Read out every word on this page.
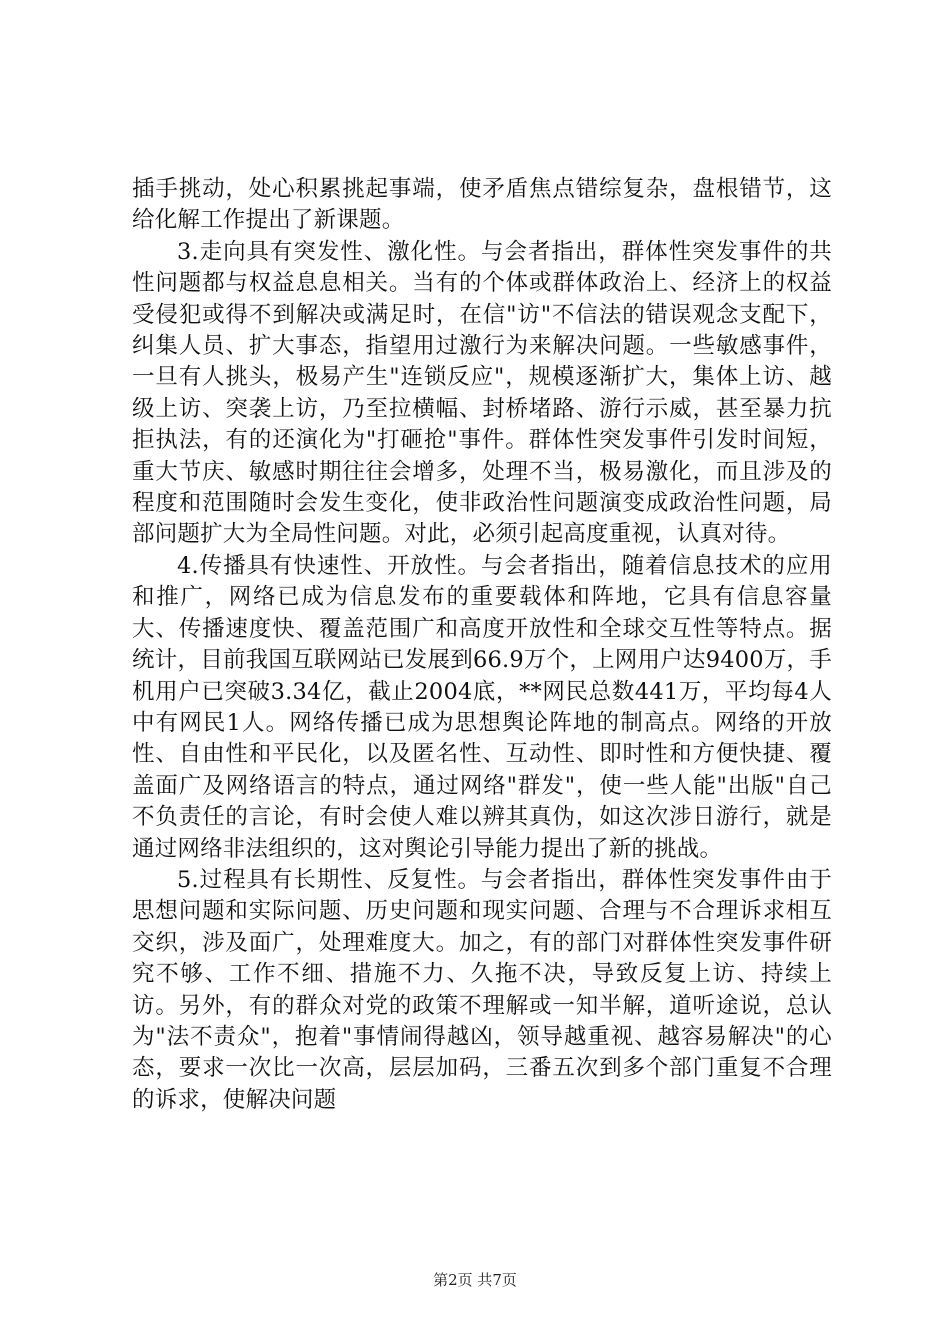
插手挑动，处心积累挑起事端，使矛盾焦点错综复杂，盘根错节，这给化解工作提出了新课题。

3.走向具有突发性、激化性。与会者指出，群体性突发事件的共性问题都与权益息息相关。当有的个体或群体政治上、经济上的权益受侵犯或得不到解决或满足时，在信"访"不信法的错误观念支配下，纠集人员、扩大事态，指望用过激行为来解决问题。一些敏感事件，一旦有人挑头，极易产生"连锁反应"，规模逐渐扩大，集体上访、越级上访、突袭上访，乃至拉横幅、封桥堵路、游行示威，甚至暴力抗拒执法，有的还演化为"打砸抢"事件。群体性突发事件引发时间短，重大节庆、敏感时期往往会增多，处理不当，极易激化，而且涉及的程度和范围随时会发生变化，使非政治性问题演变成政治性问题，局部问题扩大为全局性问题。对此，必须引起高度重视，认真对待。

4.传播具有快速性、开放性。与会者指出，随着信息技术的应用和推广，网络已成为信息发布的重要载体和阵地，它具有信息容量大、传播速度快、覆盖范围广和高度开放性和全球交互性等特点。据统计，目前我国互联网站已发展到66.9万个，上网用户达9400万，手机用户已突破3.34亿，截止2004底，**网民总数441万，平均每4人中有网民1人。网络传播已成为思想舆论阵地的制高点。网络的开放性、自由性和平民化，以及匿名性、互动性、即时性和方便快捷、覆盖面广及网络语言的特点，通过网络"群发"，使一些人能"出版"自己不负责任的言论，有时会使人难以辨其真伪，如这次涉日游行，就是通过网络非法组织的，这对舆论引导能力提出了新的挑战。

5.过程具有长期性、反复性。与会者指出，群体性突发事件由于思想问题和实际问题、历史问题和现实问题、合理与不合理诉求相互交织，涉及面广，处理难度大。加之，有的部门对群体性突发事件研究不够、工作不细、措施不力、久拖不决，导致反复上访、持续上访。另外，有的群众对党的政策不理解或一知半解，道听途说，总认为"法不责众"，抱着"事情闹得越凶，领导越重视、越容易解决"的心态，要求一次比一次高，层层加码，三番五次到多个部门重复不合理的诉求，使解决问题

第2页 共7页
